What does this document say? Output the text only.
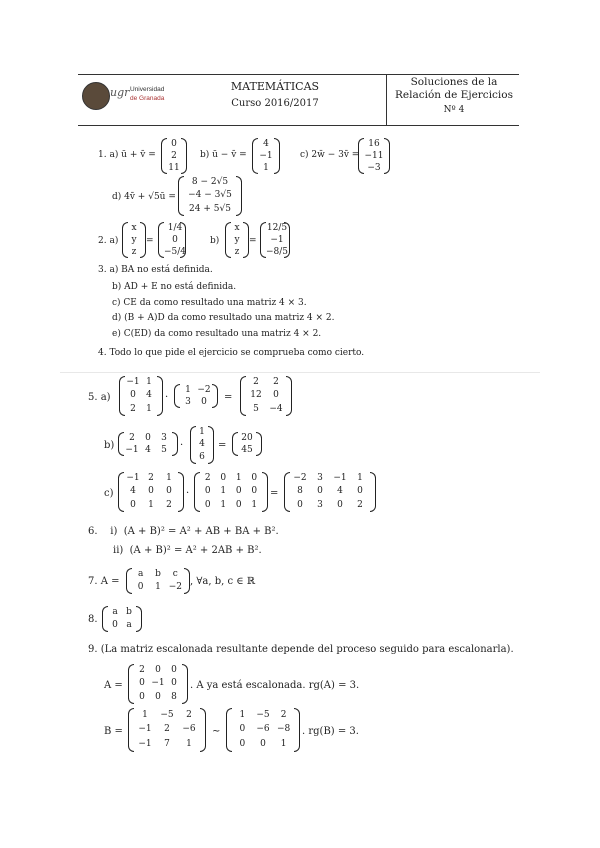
ugr Universidad
de Granada
MATEMÁTICAS
Curso 2016/2017
Soluciones de la
Relación de Ejercicios
Nº 4
1. a) ū + v̄ =
0
2
11
b) ū − v̄ =
4
−1
1
c) 2w̄ − 3v̄ =
16
−11
−3
d) 4v̄ + √5ū =
8 − 2√5
−4 − 3√5
24 + 5√5
2. a)
x
y
z
=
1/4
0
−5/4
b)
x
y
z
=
12/5
−1
−8/5
3. a) BA no está definida.
b) AD + E no está definida.
c) CE da como resultado una matriz 4 × 3.
d) (B + A)D da como resultado una matriz 4 × 2.
e) C(ED) da como resultado una matriz 4 × 2.
4. Todo lo que pide el ejercicio se comprueba como cierto.
5. a)
−1 1
0 4
2 1
·
1 −2
3 0 =
2 2
12 0
5 −4
b)
2 0 3
−1 4 5 ·
1
4
6
=
20
45
c)
−1 2 1
4 0 0
0 1 2
·
2 0 1 0
0 1 0 0
0 1 0 1
=
−2 3 −1 1
8 0 4 0
0 3 0 2
6.    i)  (A + B)² = A² + AB + BA + B².
ii)  (A + B)² = A² + 2AB + B².
7. A =
a b c
0 1 −2 , ∀a, b, c ∈ ℝ
8.
a b
0 a
9. (La matriz escalonada resultante depende del proceso seguido para escalonarla).
A =
2 0 0
0 −1 0
0 0 8
. A ya está escalonada. rg(A) = 3.
B =
1 −5 2
−1 2 −6
−1 7 1
∼
1 −5 2
0 −6 −8
0 0 1
. rg(B) = 3.
